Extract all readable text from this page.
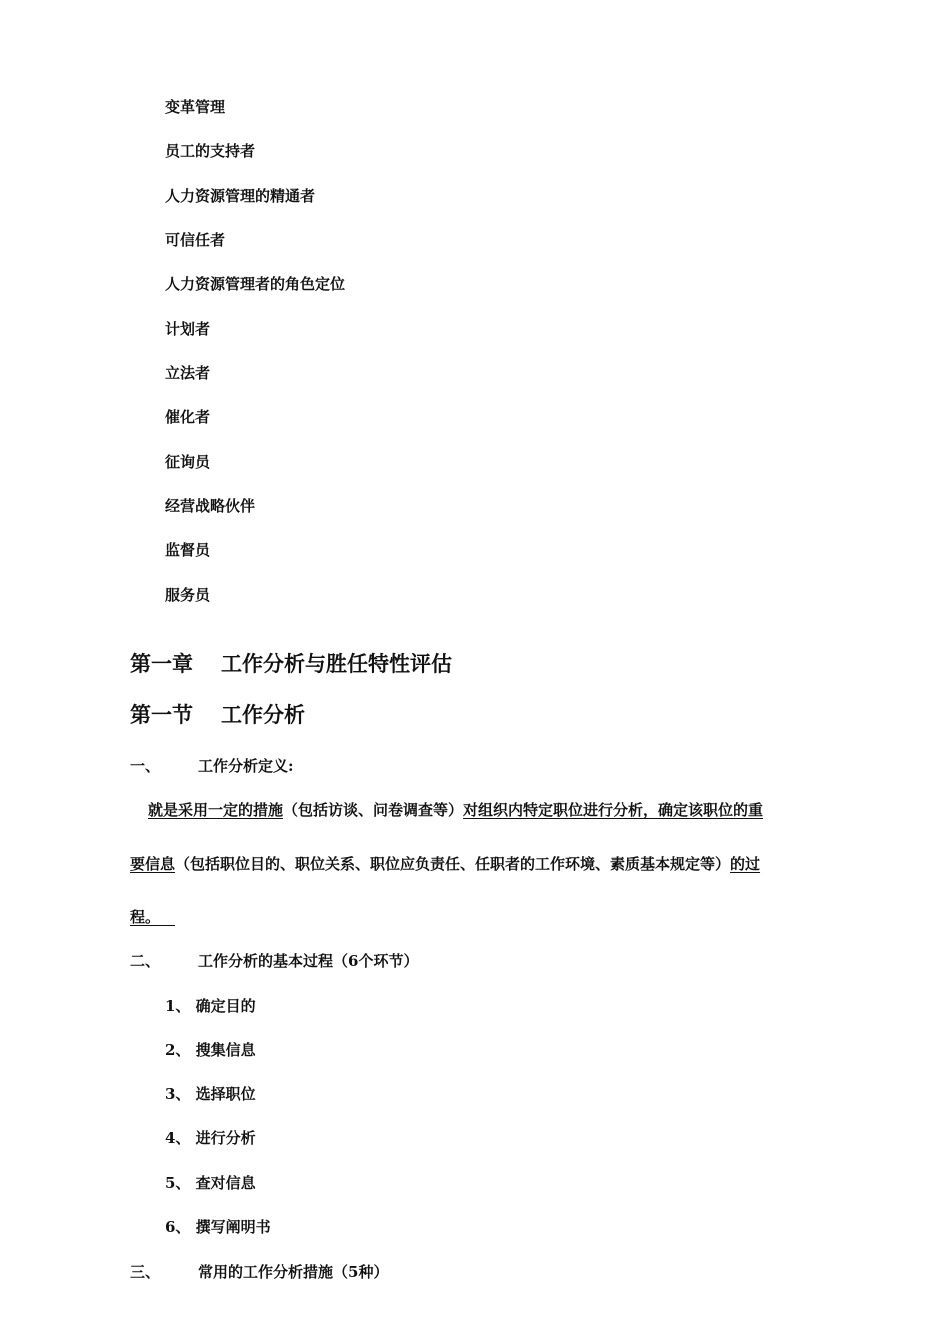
变革管理
员工的支持者
人力资源管理的精通者
可信任者
人力资源管理者的角色定位
计划者
立法者
催化者
征询员
经营战略伙伴
监督员
服务员
第一章 工作分析与胜任特性评估
第一节 工作分析
一、	工作分析定义:
就是采用一定的措施（包括访谈、问卷调查等）对组织内特定职位进行分析，确定该职位的重
要信息（包括职位目的、职位关系、职位应负责任、任职者的工作环境、素质基本规定等）的过
程。 
二、	工作分析的基本过程（6个环节）
1、 确定目的
2、 搜集信息
3、 选择职位
4、 进行分析
5、 查对信息
6、 撰写阐明书
三、	常用的工作分析措施（5种）
